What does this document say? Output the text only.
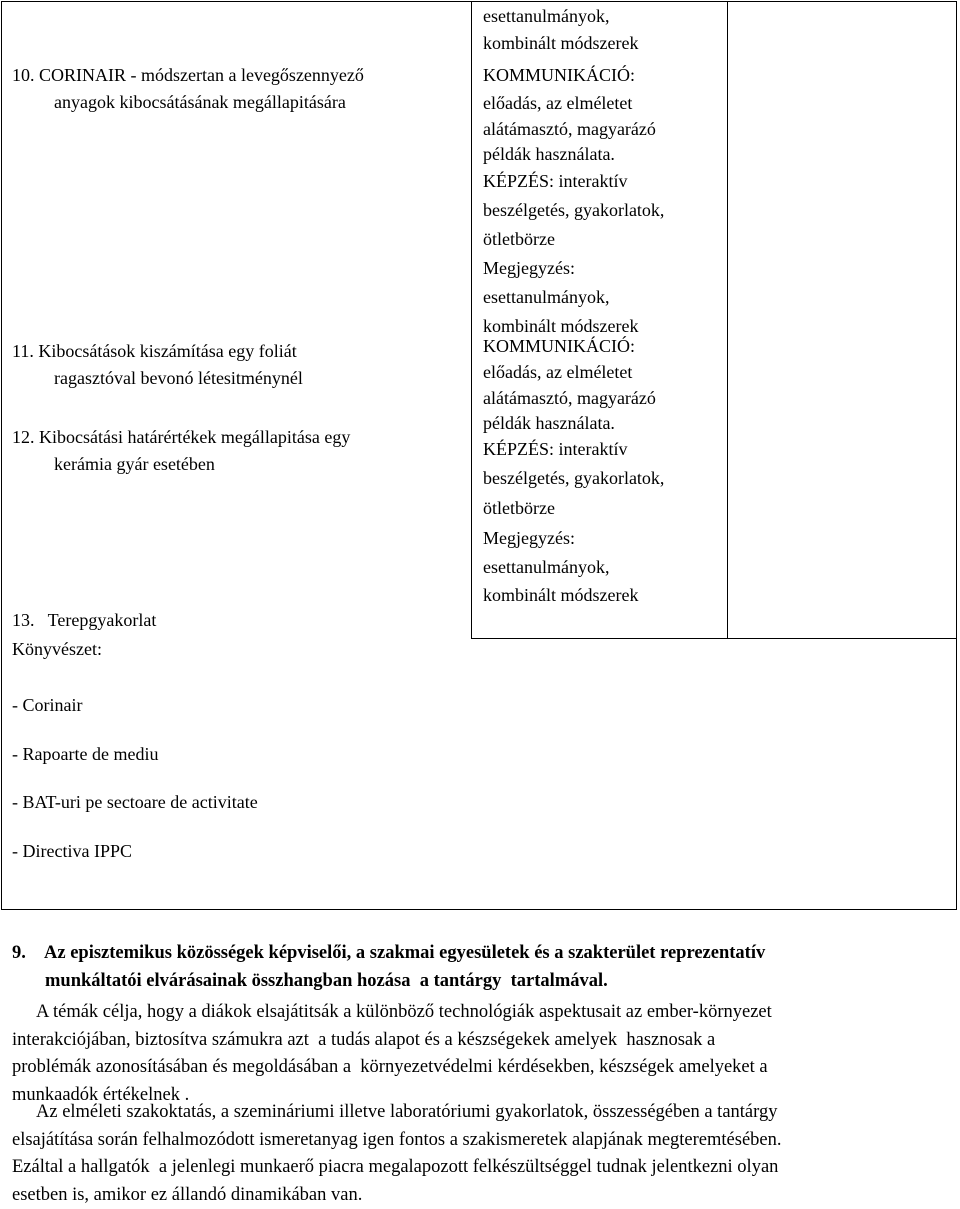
10. CORINAIR - módszertan a levegőszennyező
anyagok kibocsátásának megállapitására
11. Kibocsátások kiszámítása egy foliát
ragasztóval bevonó létesitménynél
12. Kibocsátási határértékek megállapitása egy
kerámia gyár esetében
13.   Terepgyakorlat
Könyvészet:
- Corinair
- Rapoarte de mediu
- BAT-uri pe sectoare de activitate
- Directiva IPPC
esettanulmányok,
kombinált módszerek
KOMMUNIKÁCIÓ:
előadás, az elméletet
alátámasztó, magyarázó
példák használata.
KÉPZÉS: interaktív
beszélgetés, gyakorlatok,
ötletbörze
Megjegyzés:
esettanulmányok,
kombinált módszerek
KOMMUNIKÁCIÓ:
előadás, az elméletet
alátámasztó, magyarázó
példák használata.
KÉPZÉS: interaktív
beszélgetés, gyakorlatok,
ötletbörze
Megjegyzés:
esettanulmányok,
kombinált módszerek
9. Az episztemikus közösségek képviselői, a szakmai egyesületek és a szakterület reprezentatív
munkáltatói elvárásainak összhangban hozása  a tantárgy  tartalmával.
A témák célja, hogy a diákok elsajátitsák a különböző technológiák aspektusait az ember-környezet
interakciójában, biztosítva számukra azt  a tudás alapot és a készségekek amelyek  hasznosak a
problémák azonosításában és megoldásában a  környezetvédelmi kérdésekben, készségek amelyeket a
munkaadók értékelnek .
Az elméleti szakoktatás, a szemináriumi illetve laboratóriumi gyakorlatok, összességében a tantárgy
elsajátítása során felhalmozódott ismeretanyag igen fontos a szakismeretek alapjának megteremtésében.
Ezáltal a hallgatók  a jelenlegi munkaerő piacra megalapozott felkészültséggel tudnak jelentkezni olyan
esetben is, amikor ez állandó dinamikában van.
